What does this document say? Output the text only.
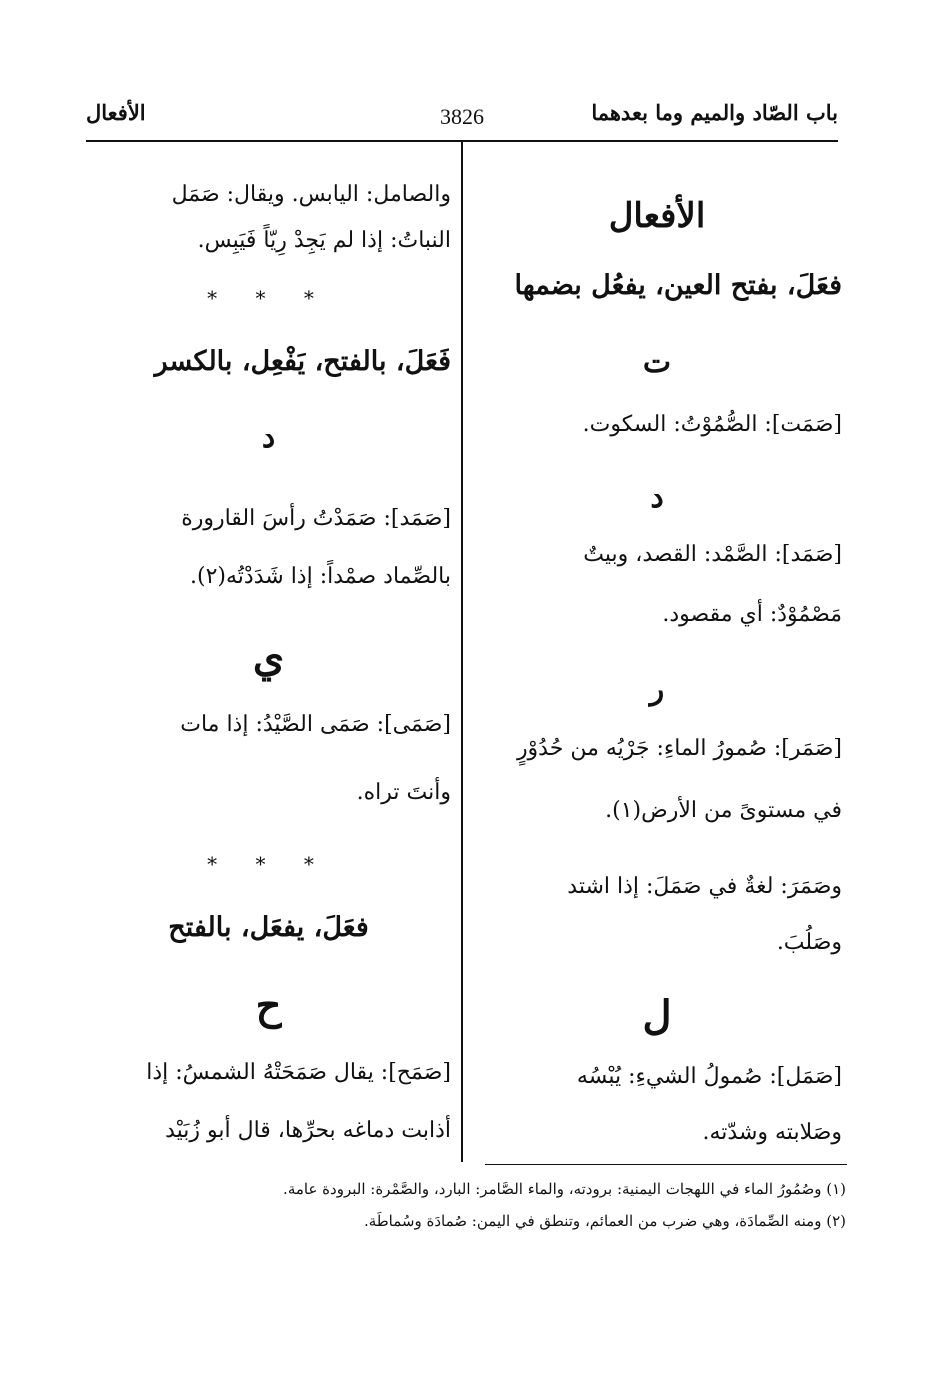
باب الصّاد والميم وما بعدهما
3826
الأفعال
الأفعال
فعَلَ، بفتح العين، يفعُل بضمها
ت
[صَمَت]: الصُّمُوْتُ: السكوت.
د
[صَمَد]: الصَّمْد: القصد، وبيتٌ
مَصْمُوْدٌ: أي مقصود.
ر
[صَمَر]: صُمورُ الماءِ: جَرْيُه من حُدُوْرٍ
في مستوىً من الأرض(١).
وصَمَرَ: لغةٌ في صَمَلَ: إذا اشتد
وصَلُبَ.
ل
[صَمَل]: صُمولُ الشيءِ: يُبْسُه
وصَلابته وشدّته.
والصامل: اليابس. ويقال: صَمَل
النباتُ: إذا لم يَجِدْ رِيّاً فَيَبِس.
* * *
فَعَلَ، بالفتح، يَفْعِل، بالكسر
د
[صَمَد]: صَمَدْتُ رأسَ القارورة
بالصِّماد صمْداً: إذا شَدَدْتُه(٢).
ي
[صَمَى]: صَمَى الصَّيْدُ: إذا مات
وأنتَ تراه.
* * *
فعَلَ، يفعَل، بالفتح
ح
[صَمَح]: يقال صَمَحَتْهُ الشمسُ: إذا
أذابت دماغه بحرِّها، قال أبو زُبَيْد
(١) وصُمُورُ الماء في اللهجات اليمنية: برودته، والماء الصَّامر: البارد، والصَّمْرة: البرودة عامة.
(٢) ومنه الصِّمادَة، وهي ضرب من العمائم، وتنطق في اليمن: صُمادَة وسُماطَة.
